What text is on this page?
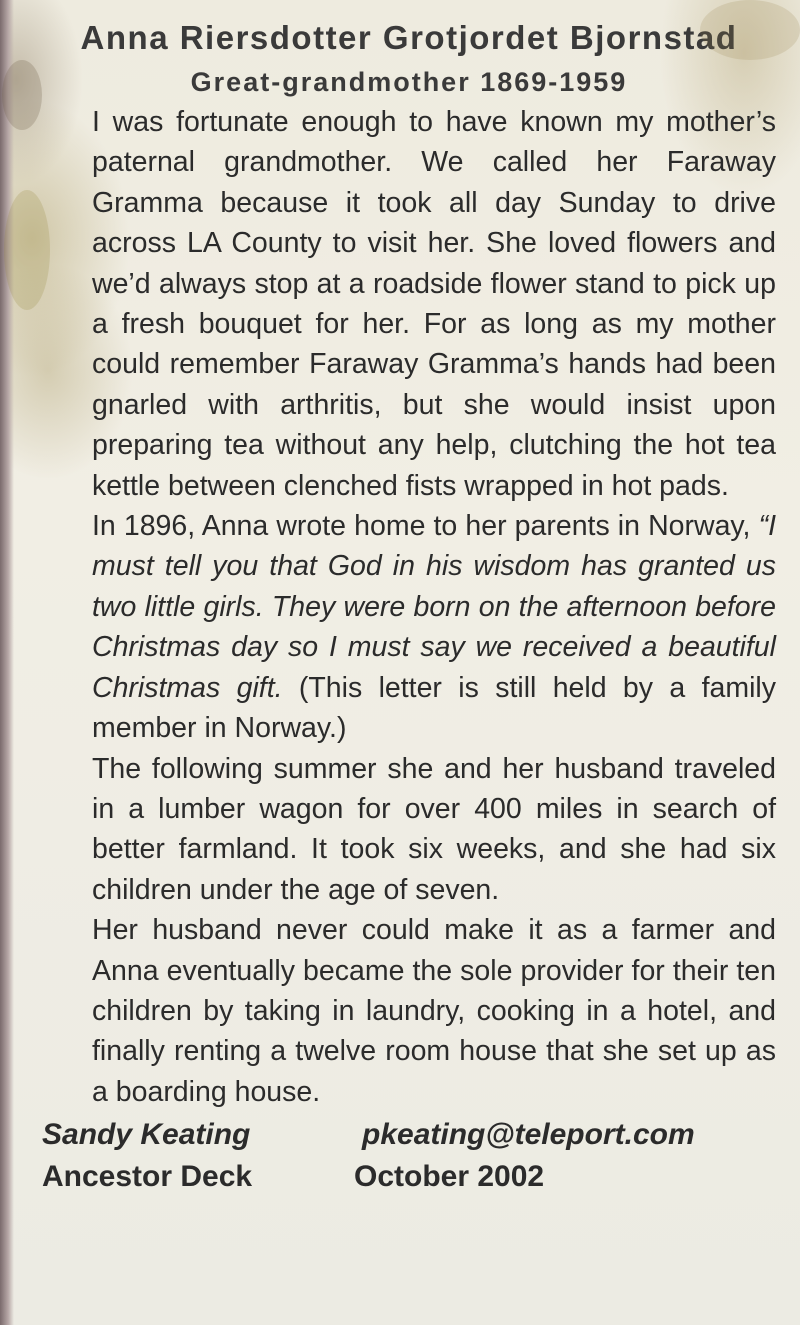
Anna Riersdotter Grotjordet Bjornstad
Great-grandmother 1869-1959

I was fortunate enough to have known my mother’s paternal grandmother. We called her Faraway Gramma because it took all day Sunday to drive across LA County to visit her. She loved flowers and we’d always stop at a roadside flower stand to pick up a fresh bouquet for her. For as long as my mother could remember Faraway Gramma’s hands had been gnarled with arthritis, but she would insist upon preparing tea without any help, clutching the hot tea kettle between clenched fists wrapped in hot pads.

In 1896, Anna wrote home to her parents in Norway, “I must tell you that God in his wisdom has granted us two little girls. They were born on the afternoon before Christmas day so I must say we received a beautiful Christmas gift. (This letter is still held by a family member in Norway.)

The following summer she and her husband traveled in a lumber wagon for over 400 miles in search of better farmland. It took six weeks, and she had six children under the age of seven.

Her husband never could make it as a farmer and Anna eventually became the sole provider for their ten children by taking in laundry, cooking in a hotel, and finally renting a twelve room house that she set up as a boarding house.

Sandy Keating	pkeating@teleport.com
Ancestor Deck	October 2002
